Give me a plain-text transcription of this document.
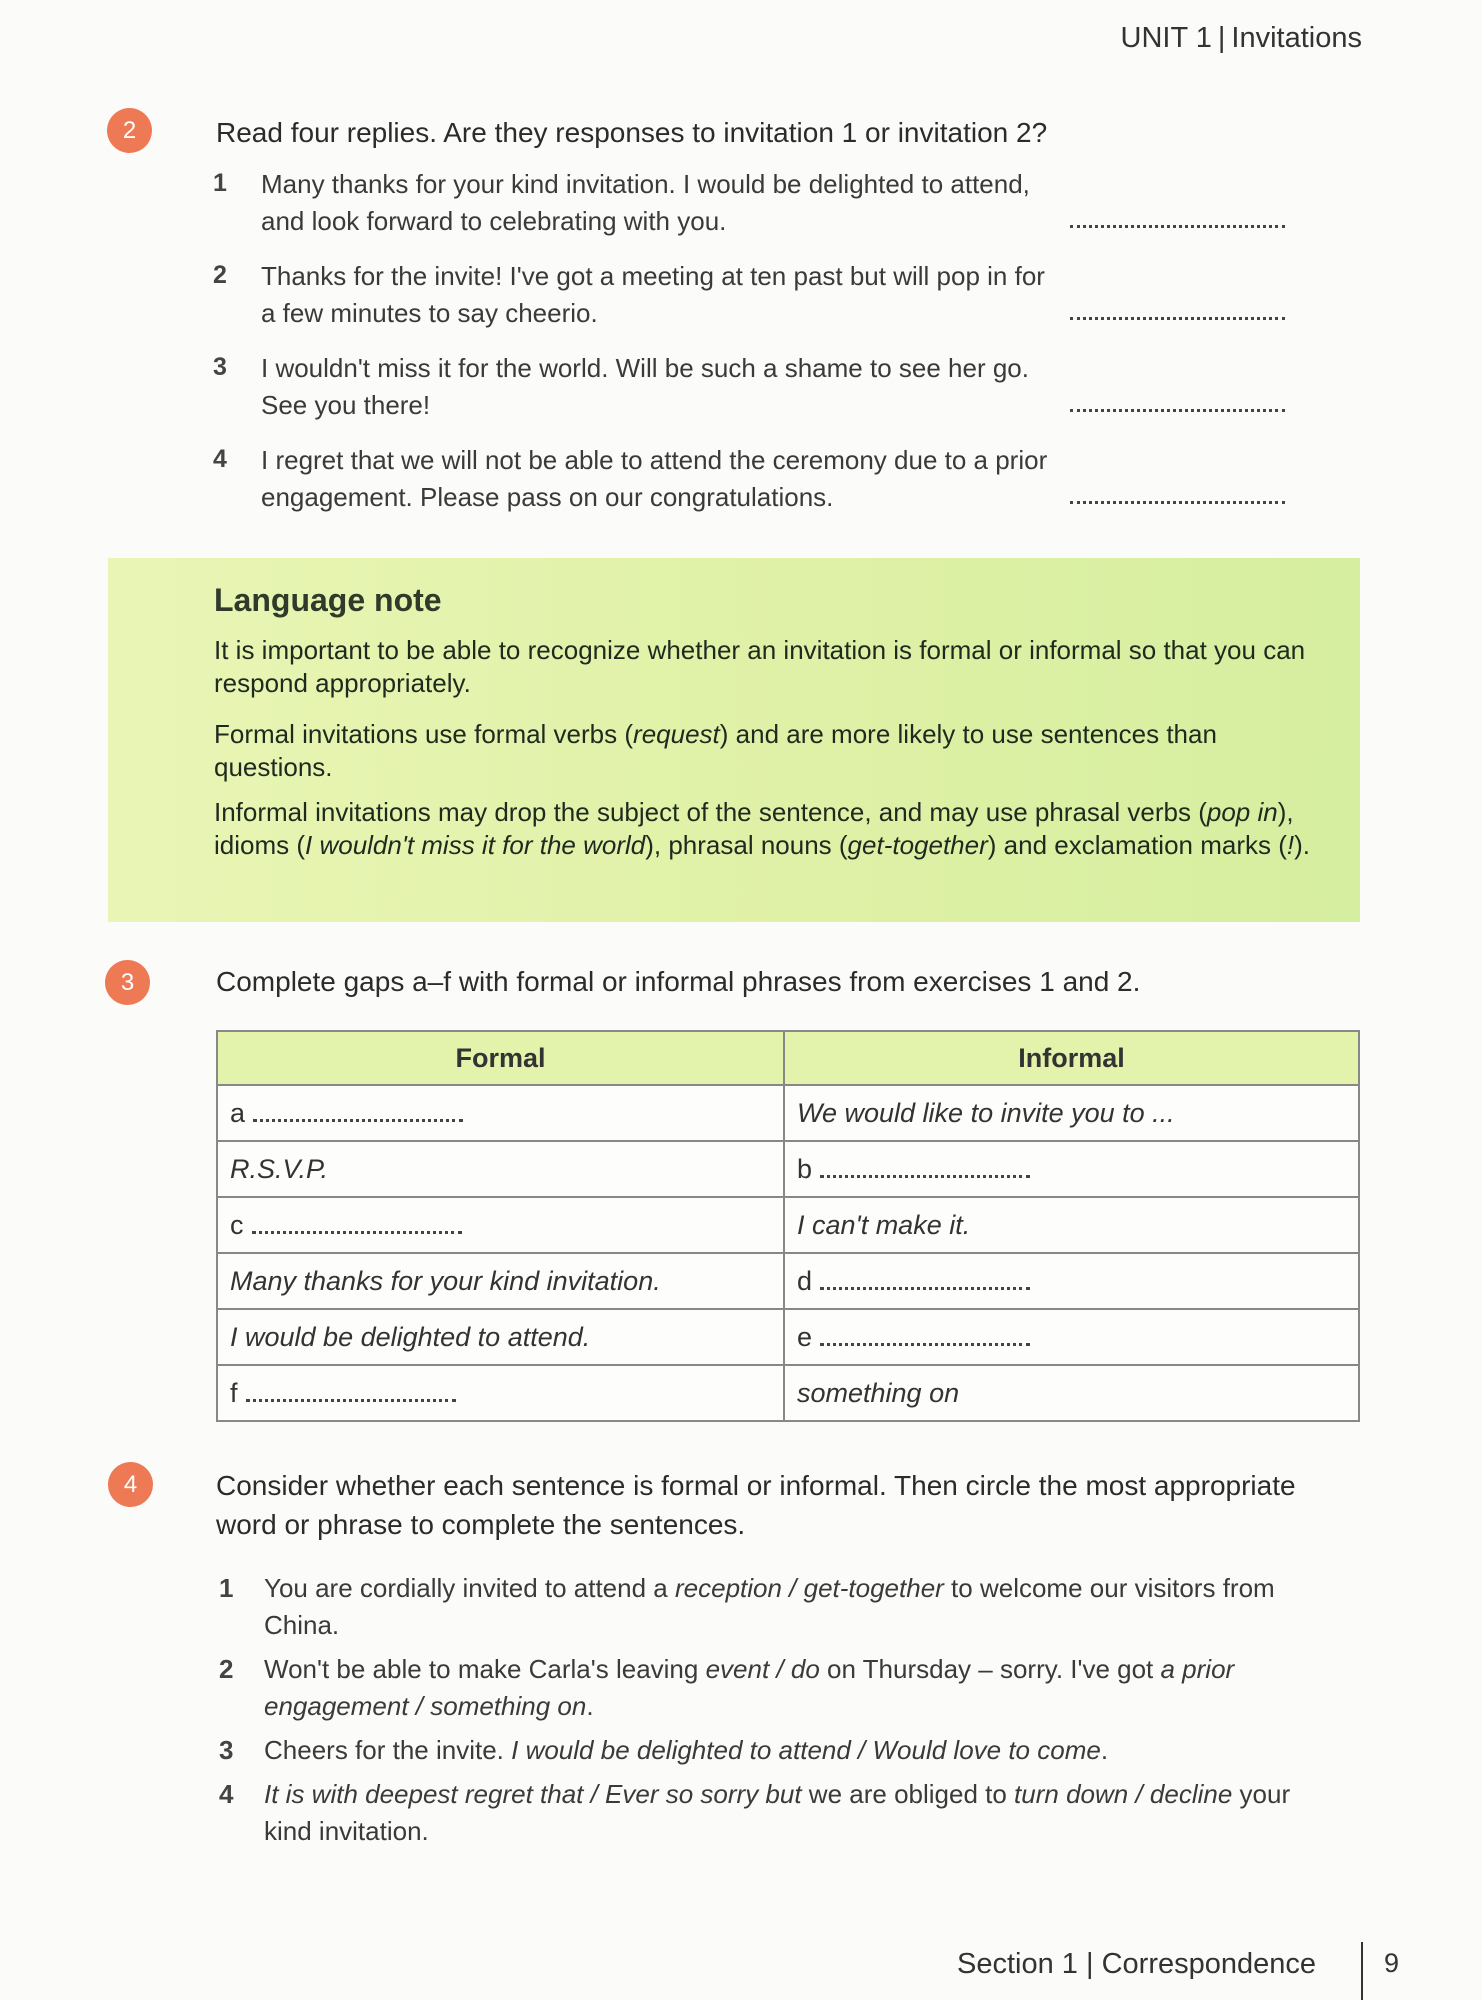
UNIT 1 | Invitations
2	Read four replies. Are they responses to invitation 1 or invitation 2?
1 Many thanks for your kind invitation. I would be delighted to attend, and look forward to celebrating with you.
2 Thanks for the invite! I've got a meeting at ten past but will pop in for a few minutes to say cheerio.
3 I wouldn't miss it for the world. Will be such a shame to see her go. See you there!
4 I regret that we will not be able to attend the ceremony due to a prior engagement. Please pass on our congratulations.
Language note

It is important to be able to recognize whether an invitation is formal or informal so that you can respond appropriately.

Formal invitations use formal verbs (request) and are more likely to use sentences than questions.

Informal invitations may drop the subject of the sentence, and may use phrasal verbs (pop in), idioms (I wouldn't miss it for the world), phrasal nouns (get-together) and exclamation marks (!).

3	Complete gaps a–f with formal or informal phrases from exercises 1 and 2.
Formal	Informal
a	We would like to invite you to ...
R.S.V.P.	b
c	I can't make it.
Many thanks for your kind invitation.	d
I would be delighted to attend.	e
f	something on
4	Consider whether each sentence is formal or informal. Then circle the most appropriate word or phrase to complete the sentences.
1 You are cordially invited to attend a reception / get-together to welcome our visitors from China.
2 Won't be able to make Carla's leaving event / do on Thursday – sorry. I've got a prior engagement / something on.
3 Cheers for the invite. I would be delighted to attend / Would love to come.
4 It is with deepest regret that / Ever so sorry but we are obliged to turn down / decline your kind invitation.
Section 1 | Correspondence	9
